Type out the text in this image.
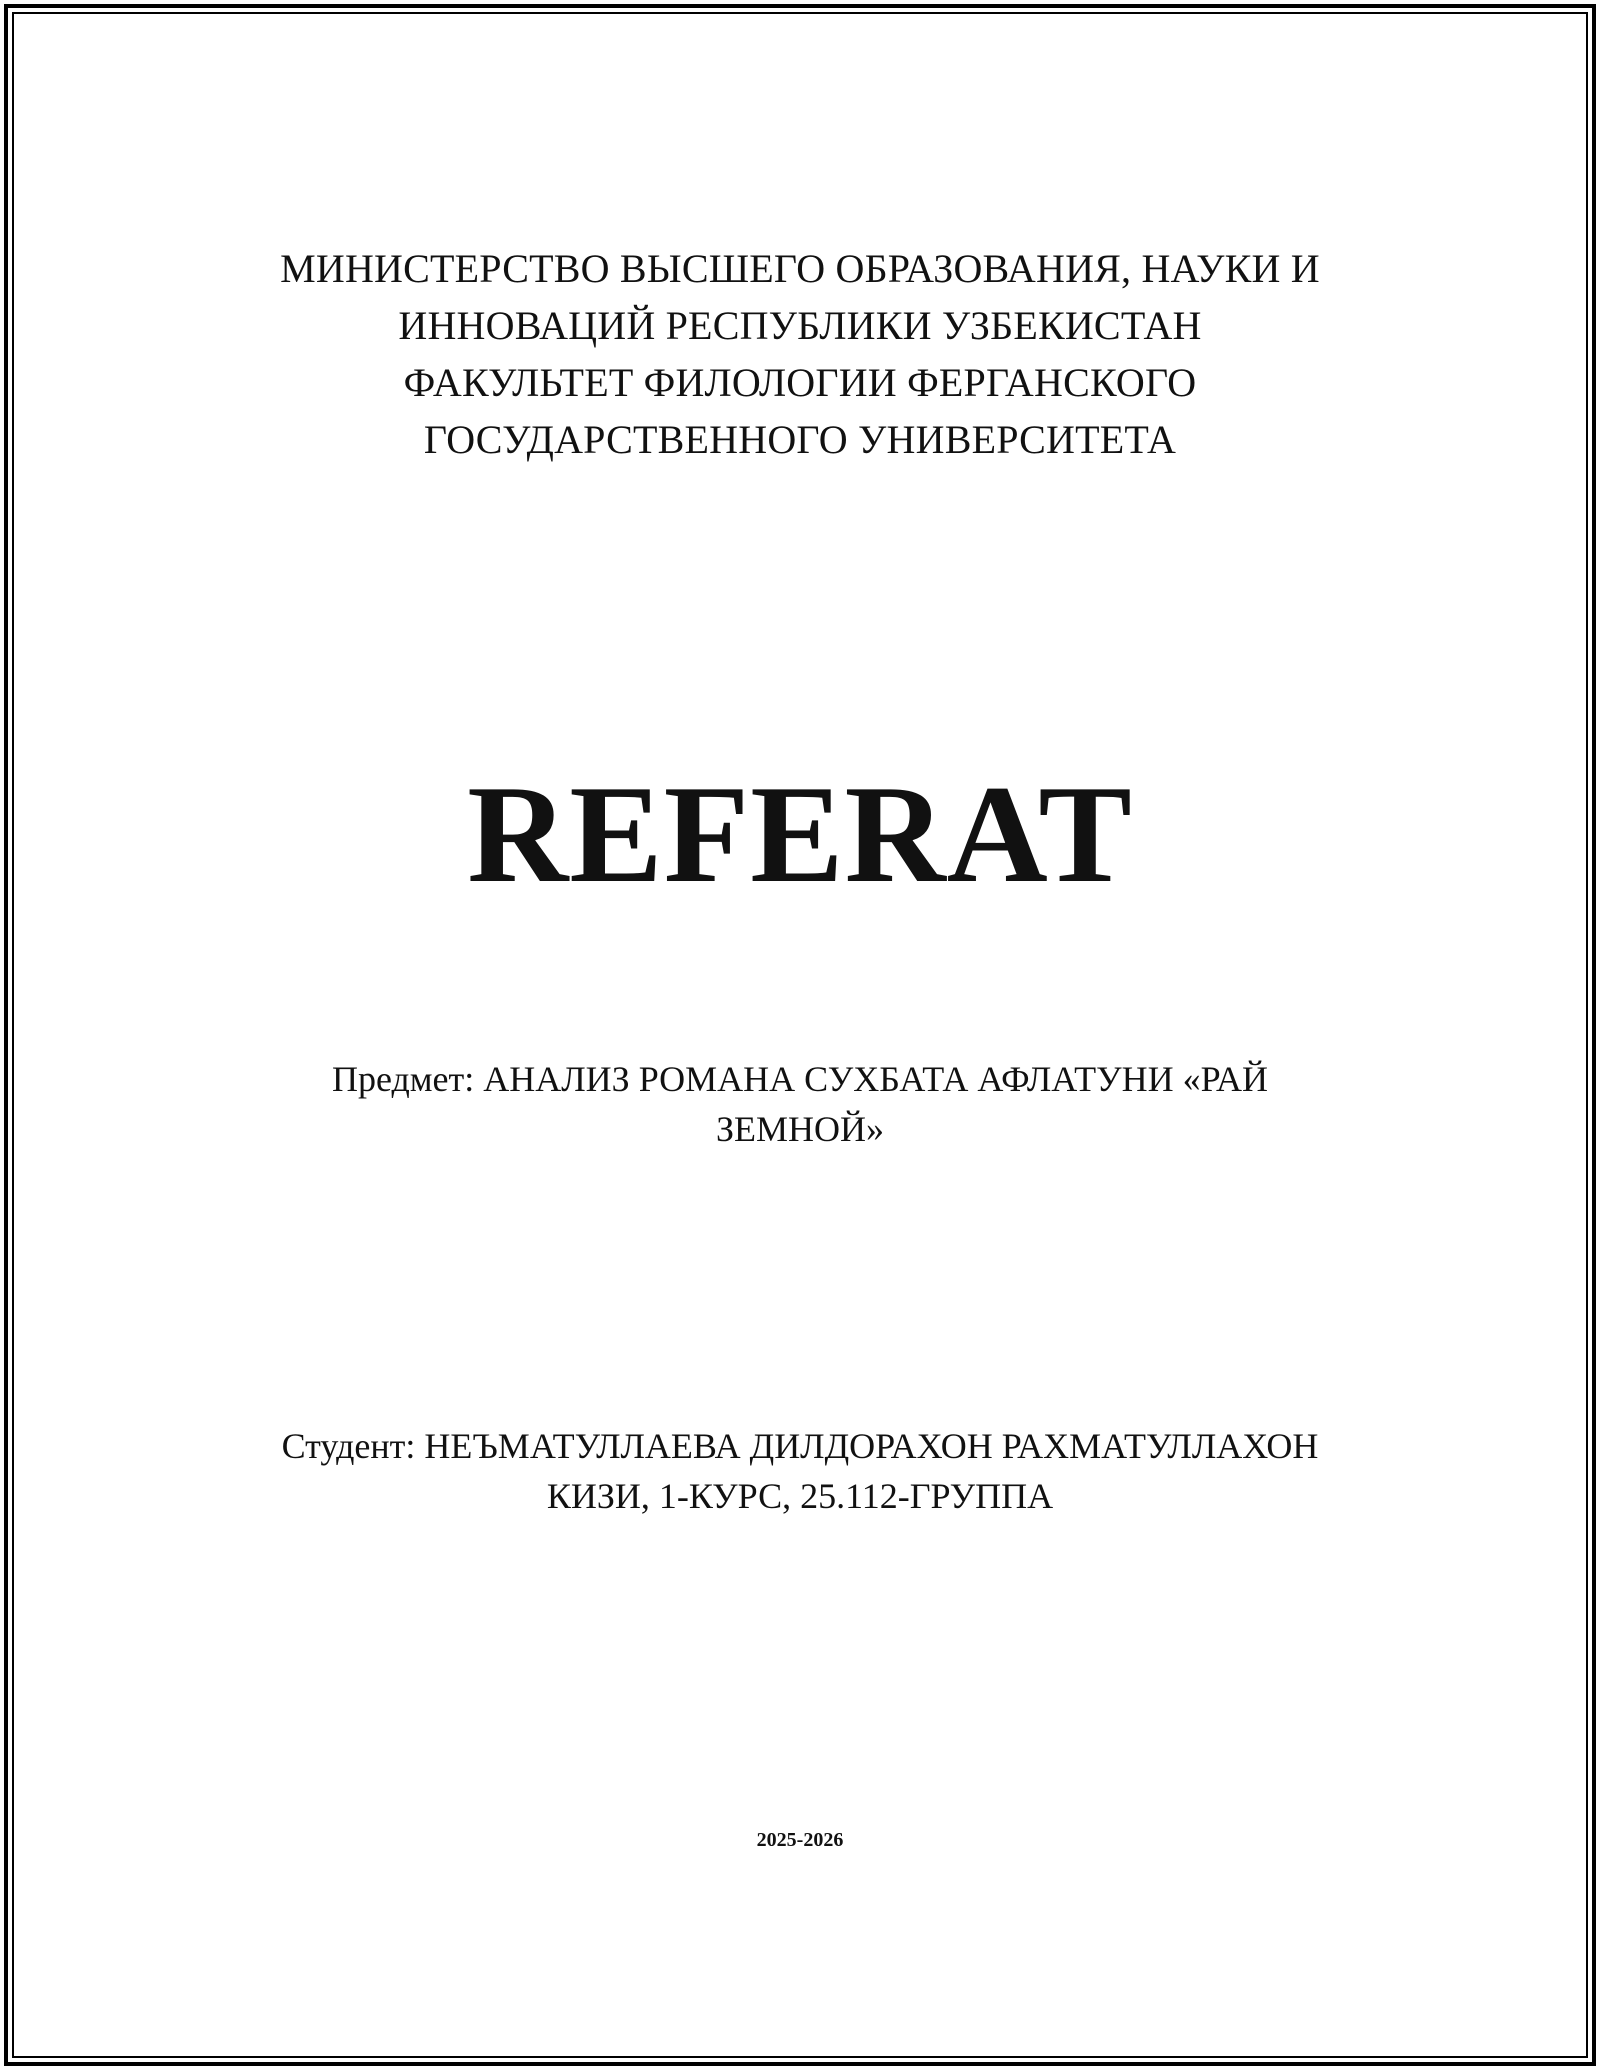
МИНИСТЕРСТВО ВЫСШЕГО ОБРАЗОВАНИЯ, НАУКИ И
ИННОВАЦИЙ РЕСПУБЛИКИ УЗБЕКИСТАН
ФАКУЛЬТЕТ ФИЛОЛОГИИ ФЕРГАНСКОГО
ГОСУДАРСТВЕННОГО УНИВЕРСИТЕТА
REFERAT
Предмет: АНАЛИЗ РОМАНА СУХБАТА АФЛАТУНИ «РАЙ ЗЕМНОЙ»
Студент: НЕЪМАТУЛЛАЕВА ДИЛДОРАХОН РАХМАТУЛЛАХОН КИЗИ, 1-КУРС, 25.112-ГРУППА
2025-2026
